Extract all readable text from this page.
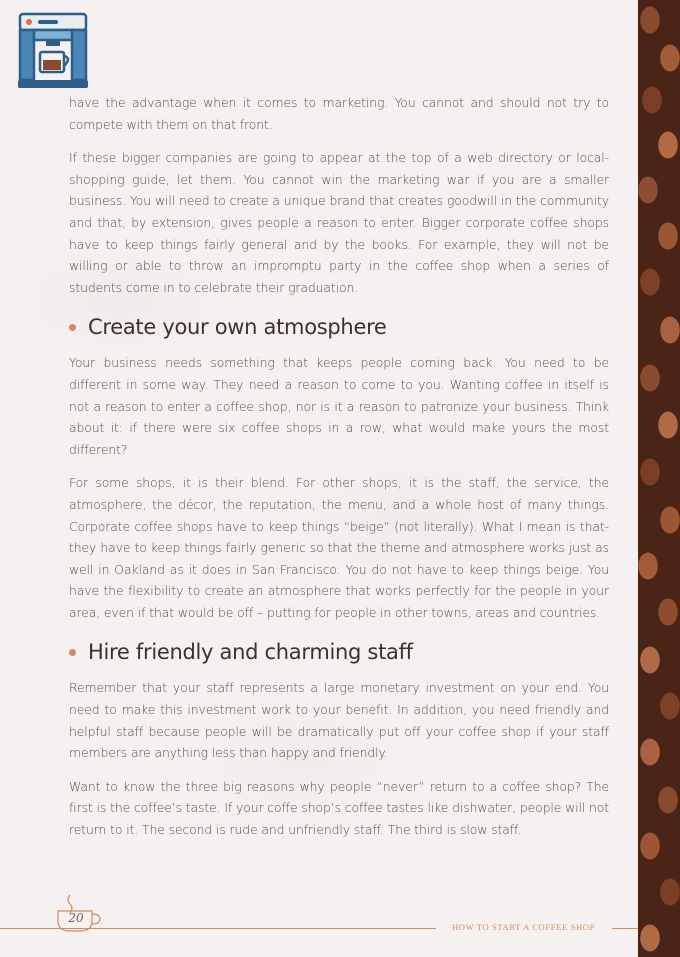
have the advantage when it comes to marketing. You cannot and should not try to compete with them on that front.

If these bigger companies are going to appear at the top of a web directory or local-shopping guide, let them. You cannot win the marketing war if you are a smaller business. You will need to create a unique brand that creates goodwill in the community and that, by extension, gives people a reason to enter. Bigger corporate coffee shops have to keep things fairly general and by the books. For example, they will not be willing or able to throw an impromptu party in the coffee shop when a series of students come in to celebrate their graduation.

Create your own atmosphere

Your business needs something that keeps people coming back. You need to be different in some way. They need a reason to come to you. Wanting coffee in itself is not a reason to enter a coffee shop, nor is it a reason to patronize your business. Think about it: if there were six coffee shops in a row, what would make yours the most different?

For some shops, it is their blend. For other shops, it is the staff, the service, the atmosphere, the décor, the reputation, the menu, and a whole host of many things. Corporate coffee shops have to keep things “beige” (not literally). What I mean is that- they have to keep things fairly generic so that the theme and atmosphere works just as well in Oakland as it does in San Francisco. You do not have to keep things beige. You have the flexibility to create an atmosphere that works perfectly for the people in your area, even if that would be off – putting for people in other towns, areas and countries.

Hire friendly and charming staff

Remember that your staff represents a large monetary investment on your end. You need to make this investment work to your benefit. In addition, you need friendly and helpful staff because people will be dramatically put off your coffee shop if your staff members are anything less than happy and friendly.

Want to know the three big reasons why people “never” return to a coffee shop? The first is the coffee’s taste. If your coffe shop’s coffee tastes like dishwater, people will not return to it. The second is rude and unfriendly staff. The third is slow staff.

20
HOW TO START A COFFEE SHOP
